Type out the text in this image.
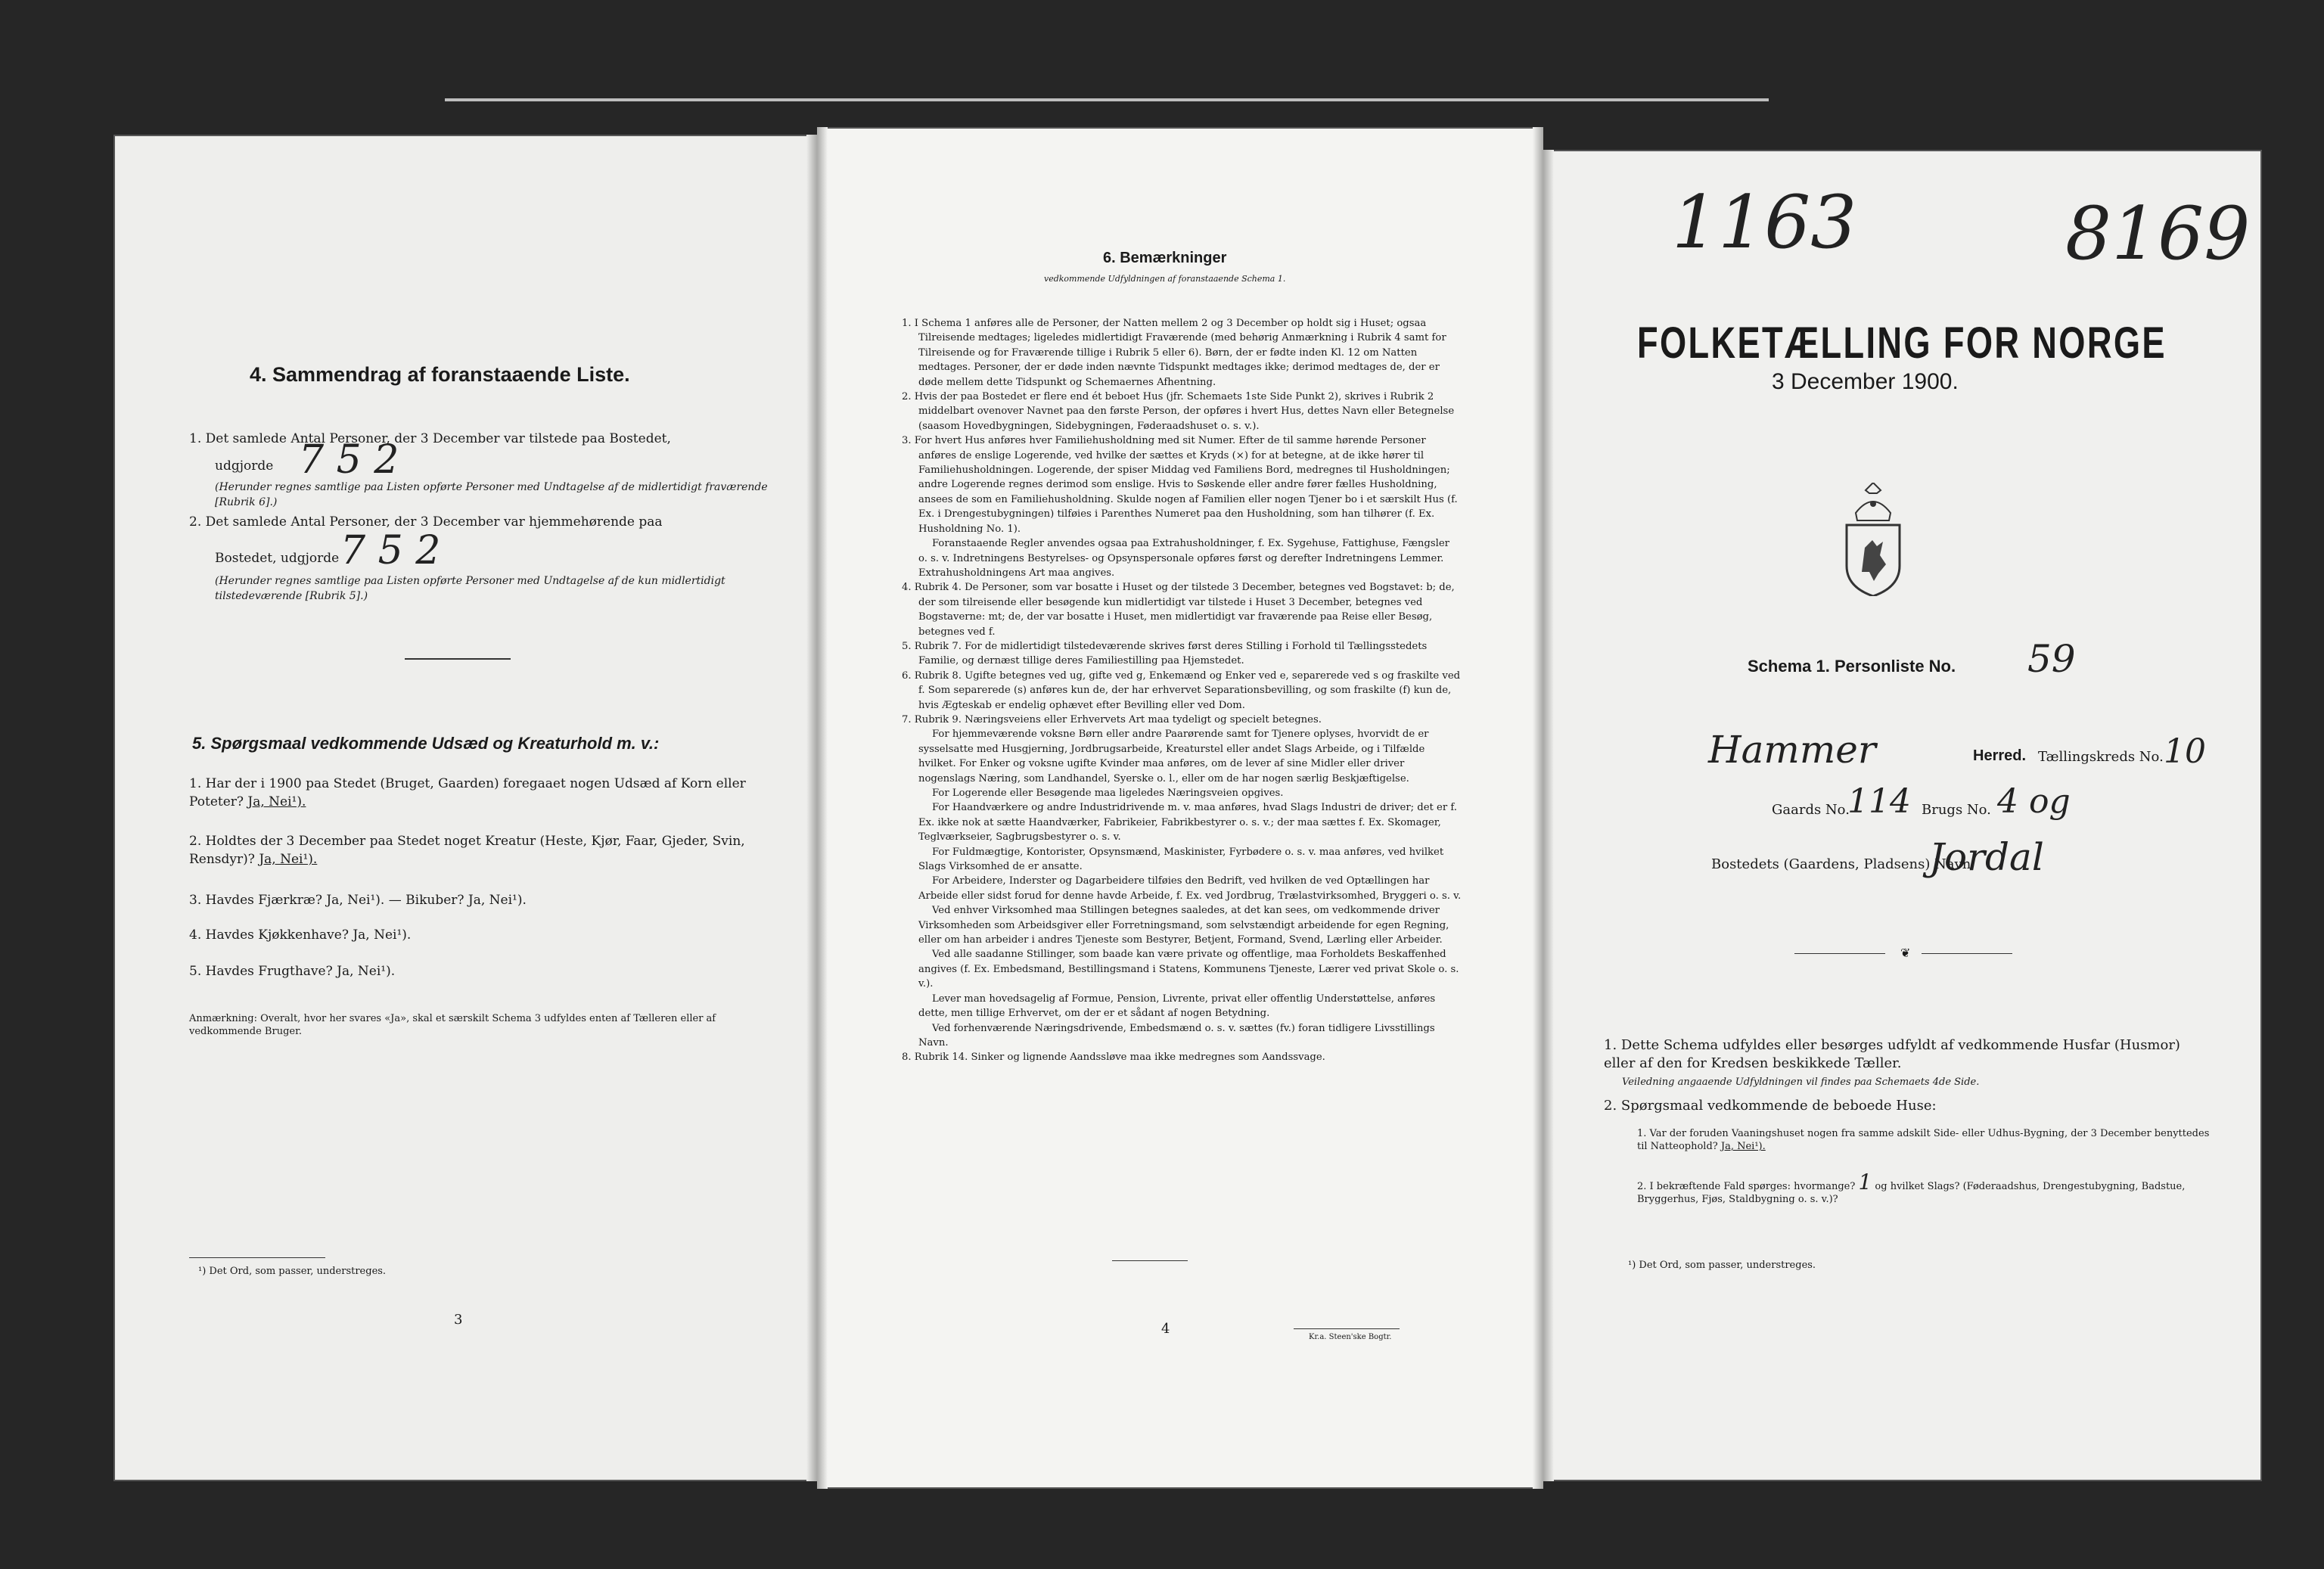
4. Sammendrag af foranstaaende Liste.
1. Det samlede Antal Personer, der 3 December var tilstede paa Bostedet,
udgjorde 7 5 2
(Herunder regnes samtlige paa Listen opførte Personer med Undtagelse af de midlertidigt fraværende [Rubrik 6].)
2. Det samlede Antal Personer, der 3 December var hjemmehørende paa
Bostedet, udgjorde 7 5 2
(Herunder regnes samtlige paa Listen opførte Personer med Undtagelse af de kun midlertidigt tilstedeværende [Rubrik 5].)
5. Spørgsmaal vedkommende Udsæd og Kreaturhold m. v.:
1. Har der i 1900 paa Stedet (Bruget, Gaarden) foregaaet nogen Udsæd af Korn eller Poteter? Ja, Nei¹).
2. Holdtes der 3 December paa Stedet noget Kreatur (Heste, Kjør, Faar, Gjeder, Svin, Rensdyr)? Ja, Nei¹).
3. Havdes Fjærkræ? Ja, Nei¹). — Bikuber? Ja, Nei¹).
4. Havdes Kjøkkenhave? Ja, Nei¹).
5. Havdes Frugthave? Ja, Nei¹).
Anmærkning: Overalt, hvor her svares «Ja», skal et særskilt Schema 3 udfyldes enten af Tælleren eller af vedkommende Bruger.
¹) Det Ord, som passer, understreges.
3
6. Bemærkninger
vedkommende Udfyldningen af foranstaaende Schema 1.

1. I Schema 1 anføres alle de Personer, der Natten mellem 2 og 3 December op holdt sig i Huset; ogsaa Tilreisende medtages; ligeledes midlertidigt Fraværende (med behørig Anmærkning i Rubrik 4 samt for Tilreisende og for Fraværende tillige i Rubrik 5 eller 6). Børn, der er fødte inden Kl. 12 om Natten medtages. Personer, der er døde inden nævnte Tidspunkt medtages ikke; derimod medtages de, der er døde mellem dette Tidspunkt og Schemaernes Afhentning.

2. Hvis der paa Bostedet er flere end ét beboet Hus (jfr. Schemaets 1ste Side Punkt 2), skrives i Rubrik 2 middelbart ovenover Navnet paa den første Person, der opføres i hvert Hus, dettes Navn eller Betegnelse (saasom Hovedbygningen, Sidebygningen, Føderaadshuset o. s. v.).

3. For hvert Hus anføres hver Familiehusholdning med sit Numer. Efter de til samme hørende Personer anføres de enslige Logerende, ved hvilke der sættes et Kryds (×) for at betegne, at de ikke hører til Familiehusholdningen. Logerende, der spiser Middag ved Familiens Bord, medregnes til Husholdningen; andre Logerende regnes derimod som enslige. Hvis to Søskende eller andre fører fælles Husholdning, ansees de som en Familiehusholdning. Skulde nogen af Familien eller nogen Tjener bo i et særskilt Hus (f. Ex. i Drengestubygningen) tilføies i Parenthes Numeret paa den Husholdning, som han tilhører (f. Ex. Husholdning No. 1).

Foranstaaende Regler anvendes ogsaa paa Extrahusholdninger, f. Ex. Sygehuse, Fattighuse, Fængsler o. s. v. Indretningens Bestyrelses- og Opsynspersonale opføres først og derefter Indretningens Lemmer. Extrahusholdningens Art maa angives.

4. Rubrik 4. De Personer, som var bosatte i Huset og der tilstede 3 December, betegnes ved Bogstavet: b; de, der som tilreisende eller besøgende kun midlertidigt var tilstede i Huset 3 December, betegnes ved Bogstaverne: mt; de, der var bosatte i Huset, men midlertidigt var fraværende paa Reise eller Besøg, betegnes ved f.

5. Rubrik 7. For de midlertidigt tilstedeværende skrives først deres Stilling i Forhold til Tællingsstedets Familie, og dernæst tillige deres Familiestilling paa Hjemstedet.

6. Rubrik 8. Ugifte betegnes ved ug, gifte ved g, Enkemænd og Enker ved e, separerede ved s og fraskilte ved f. Som separerede (s) anføres kun de, der har erhvervet Separationsbevilling, og som fraskilte (f) kun de, hvis Ægteskab er endelig ophævet efter Bevilling eller ved Dom.

7. Rubrik 9. Næringsveiens eller Erhvervets Art maa tydeligt og specielt betegnes.

For hjemmeværende voksne Børn eller andre Paarørende samt for Tjenere oplyses, hvorvidt de er sysselsatte med Husgjerning, Jordbrugsarbeide, Kreaturstel eller andet Slags Arbeide, og i Tilfælde hvilket. For Enker og voksne ugifte Kvinder maa anføres, om de lever af sine Midler eller driver nogenslags Næring, som Landhandel, Syerske o. l., eller om de har nogen særlig Beskjæftigelse.

For Logerende eller Besøgende maa ligeledes Næringsveien opgives.

For Haandværkere og andre Industridrivende m. v. maa anføres, hvad Slags Industri de driver; det er f. Ex. ikke nok at sætte Haandværker, Fabrikeier, Fabrikbestyrer o. s. v.; der maa sættes f. Ex. Skomager, Teglværkseier, Sagbrugsbestyrer o. s. v.

For Fuldmægtige, Kontorister, Opsynsmænd, Maskinister, Fyrbødere o. s. v. maa anføres, ved hvilket Slags Virksomhed de er ansatte.

For Arbeidere, Inderster og Dagarbeidere tilføies den Bedrift, ved hvilken de ved Optællingen har Arbeide eller sidst forud for denne havde Arbeide, f. Ex. ved Jordbrug, Trælastvirksomhed, Bryggeri o. s. v.

Ved enhver Virksomhed maa Stillingen betegnes saaledes, at det kan sees, om vedkommende driver Virksomheden som Arbeidsgiver eller Forretningsmand, som selvstændigt arbeidende for egen Regning, eller om han arbeider i andres Tjeneste som Bestyrer, Betjent, Formand, Svend, Lærling eller Arbeider.

Ved alle saadanne Stillinger, som baade kan være private og offentlige, maa Forholdets Beskaffenhed angives (f. Ex. Embedsmand, Bestillingsmand i Statens, Kommunens Tjeneste, Lærer ved privat Skole o. s. v.).

Lever man hovedsagelig af Formue, Pension, Livrente, privat eller offentlig Understøttelse, anføres dette, men tillige Erhvervet, om der er et sådant af nogen Betydning.

Ved forhenværende Næringsdrivende, Embedsmænd o. s. v. sættes (fv.) foran tidligere Livsstillings Navn.

8. Rubrik 14. Sinker og lignende Aandssløve maa ikke medregnes som Aandssvage.

4
Kr.a. Steen'ske Bogtr.
1163	8169
FOLKETÆLLING FOR NORGE
3 December 1900.
Schema 1. Personliste No. 59
Hammer	Herred. Tællingskreds No. 10
Gaards No.
114 Brugs No. 4 og
Bostedets (Gaardens, Pladsens) Navn
Jordal
❦
1. Dette Schema udfyldes eller besørges udfyldt af vedkommende Husfar (Husmor) eller af den for Kredsen beskikkede Tæller.
Veiledning angaaende Udfyldningen vil findes paa Schemaets 4de Side.
2. Spørgsmaal vedkommende de beboede Huse:
1. Var der foruden Vaaningshuset nogen fra samme adskilt Side- eller Udhus-Bygning, der 3 December benyttedes til Natteophold? Ja, Nei¹).
2. I bekræftende Fald spørges: hvormange? 1 og hvilket Slags? (Føderaadshus, Drengestubygning, Badstue, Bryggerhus, Fjøs, Staldbygning o. s. v.)?
¹) Det Ord, som passer, understreges.
